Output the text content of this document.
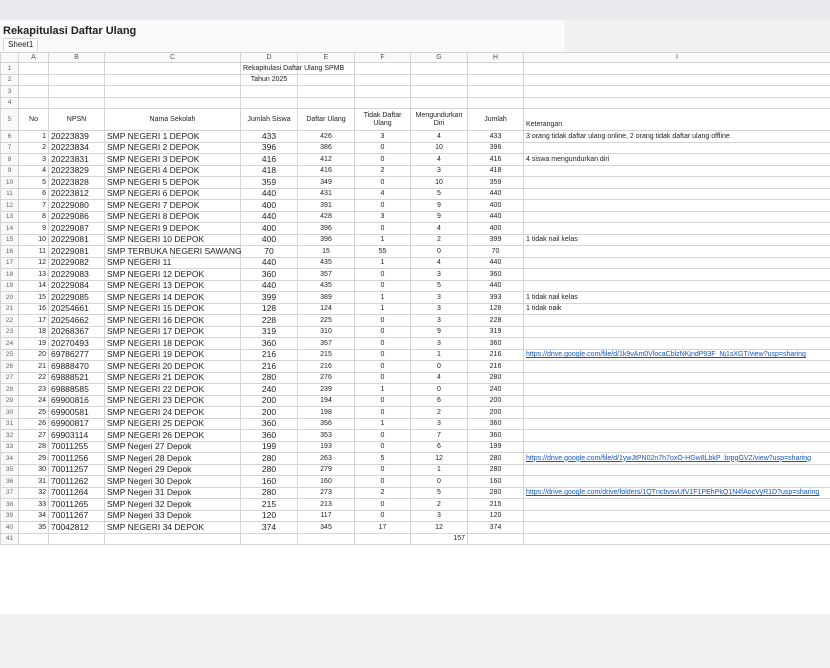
Rekapitulasi Daftar Ulang
Sheet1
	A	B	C	D	E	F	G	H	I
1				Rekapitulasi Daftar Ulang SPMB					
2				Tahun 2025					
3									
4									
5	No	NPSN	Nama Sekolah	Jumlah Siswa	Daftar Ulang	Tidak Daftar Ulang	Mengundurkan Diri	Jumlah	Keterangan
6	1	20223839	SMP NEGERI 1 DEPOK	433	426	3	4	433	3 orang tidak daftar ulang online, 2 orang tidak daftar ulang offline
7	2	20223834	SMP NEGERI 2 DEPOK	396	386	0	10	396	
8	3	20223831	SMP NEGERI 3 DEPOK	416	412	0	4	416	4 siswa mengundurkan diri
9	4	20223829	SMP NEGERI 4 DEPOK	418	416	2	3	418	
10	5	20223828	SMP NEGERI 5 DEPOK	359	349	0	10	359	
11	6	20223812	SMP NEGERI 6 DEPOK	440	431	4	5	440	
12	7	20229080	SMP NEGERI 7 DEPOK	400	391	0	9	400	
13	8	20229086	SMP NEGERI 8 DEPOK	440	428	3	9	440	
14	9	20229087	SMP NEGERI 9 DEPOK	400	396	0	4	400	
15	10	20229081	SMP NEGERI 10 DEPOK	400	396	1	2	399	1 tidak nail kelas
16	11	20229081	SMP TERBUKA NEGERI SAWANG	70	15	55	0	70	
17	12	20229082	SMP NEGERI 11	440	435	1	4	440	
18	13	20229083	SMP NEGERI 12 DEPOK	360	357	0	3	360	
19	14	20229084	SMP NEGERI 13 DEPOK	440	435	0	5	440	
20	15	20229085	SMP NEGERI 14 DEPOK	399	389	1	3	393	1 tidak nail kelas
21	16	20254661	SMP NEGERI 15 DEPOK	128	124	1	3	128	1 tidak naik
22	17	20254662	SMP NEGERI 16 DEPOK	228	225	0	3	228	
23	18	20268367	SMP NEGERI 17 DEPOK	319	310	0	9	319	
24	19	20270493	SMP NEGERI 18 DEPOK	360	357	0	3	360	
25	20	69786277	SMP NEGERI 19 DEPOK	216	215	0	1	216	https://drive.google.com/file/d/1k9vAm0VlocaCblzNKjndP93F_Nj1sXGT/view?usp=sharing
26	21	69888470	SMP NEGERI 20 DEPOK	216	216	0	0	216	
27	22	69888521	SMP NEGERI 21 DEPOK	280	276	0	4	280	
28	23	69888585	SMP NEGERI 22 DEPOK	240	239	1	0	240	
29	24	69900816	SMP NEGERI 23 DEPOK	200	194	0	6	200	
30	25	69900581	SMP NEGERI 24 DEPOK	200	198	0	2	200	
31	26	69900817	SMP NEGERI 25 DEPOK	360	356	1	3	360	
32	27	69903114	SMP NEGERI 26 DEPOK	360	353	0	7	360	
33	28	70011255	SMP Negeri 27 Depok	199	193	0	6	199	
34	29	70011256	SMP Negeri 28 Depok	280	263	5	12	280	https://drive.google.com/file/d/1ywJtPN02n7h7oxO-HGw8LbkP_brpgGVZ/view?usp=sharing
35	30	70011257	SMP Negeri 29 Depok	280	279	0	1	280	
36	31	70011262	SMP Negeri 30 Depok	160	160	0	0	160	
37	32	70011264	SMP Negeri 31 Depok	280	273	2	5	280	https://drive.google.com/drive/folders/1QTncbvsvUfV1F1PEhPkQ1N4fAocVyR1D?usp=sharing
38	33	70011265	SMP Negeri 32 Depok	215	213	0	2	215	
39	34	70011267	SMP Negeri 33 Depok	120	117	0	3	120	
40	35	70042812	SMP NEGERI 34 DEPOK	374	345	17	12	374	
41							157		
